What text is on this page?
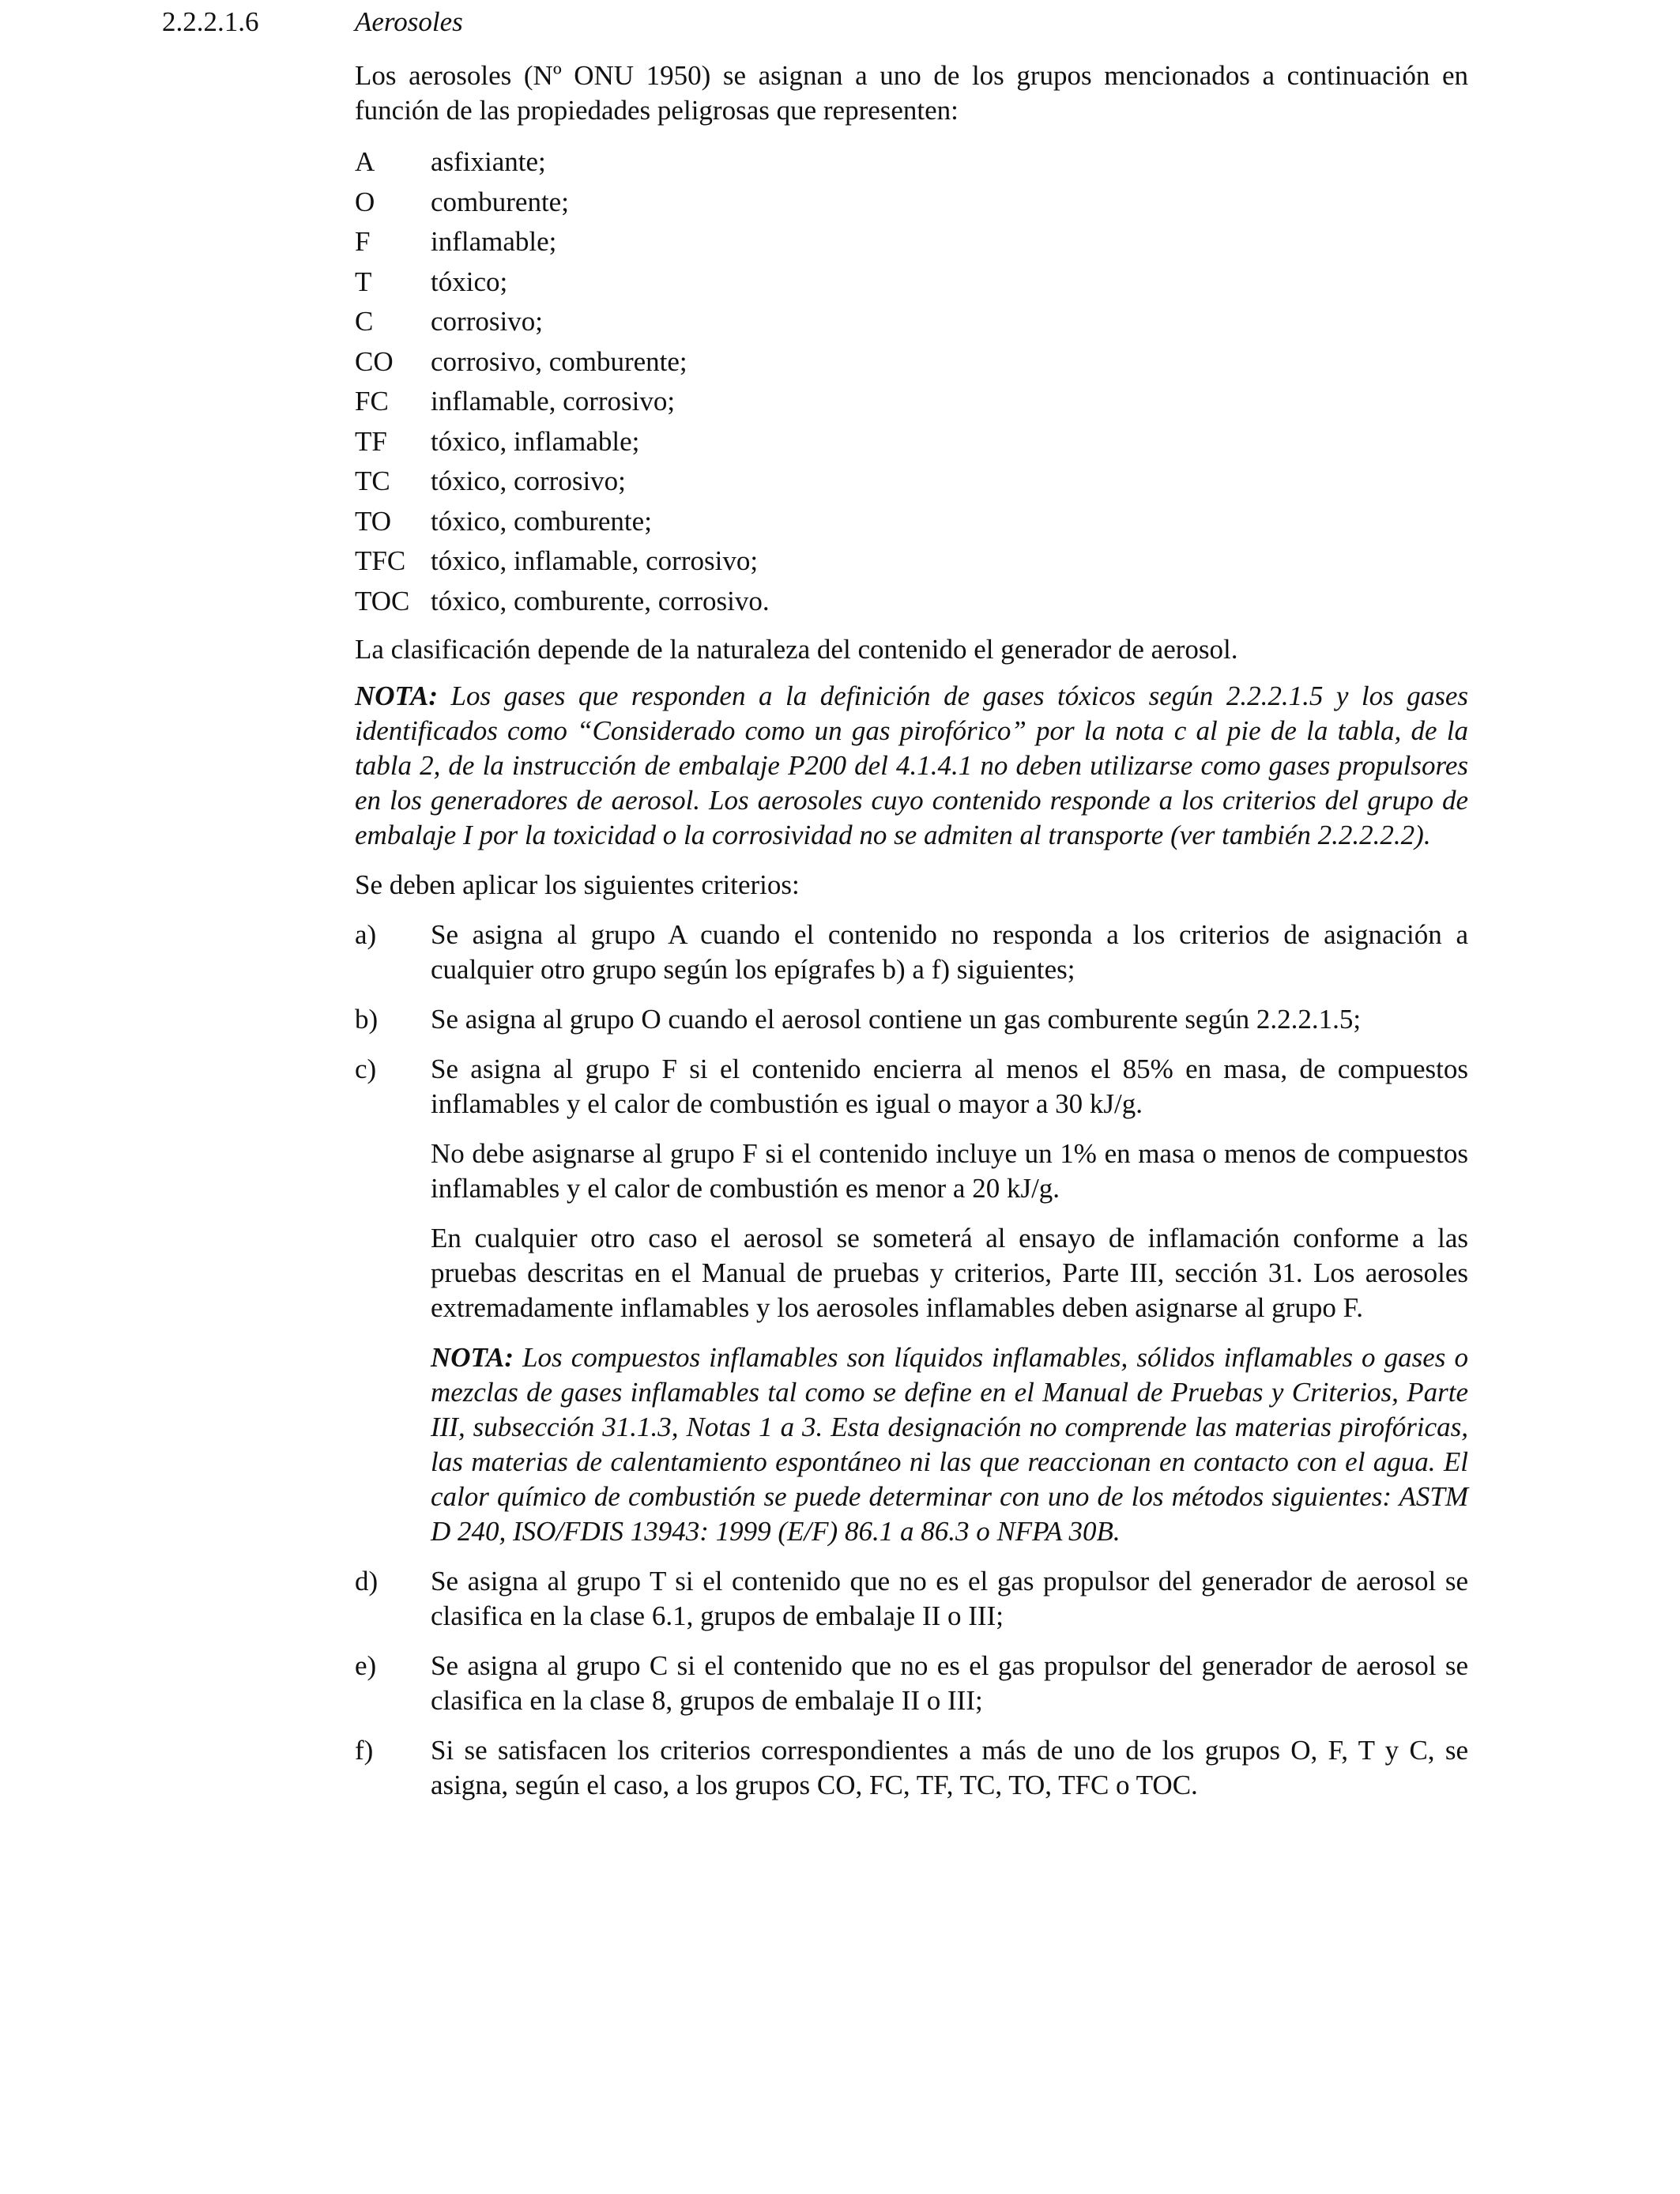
2.2.2.1.6	Aerosoles

Los aerosoles (Nº ONU 1950) se asignan a uno de los grupos mencionados a continuación en función de las propiedades peligrosas que representen:

A	asfixiante;
O	comburente;
F	inflamable;
T	tóxico;
C	corrosivo;
CO	corrosivo, comburente;
FC	inflamable, corrosivo;
TF	tóxico, inflamable;
TC	tóxico, corrosivo;
TO	tóxico, comburente;
TFC tóxico, inflamable, corrosivo;
TOC tóxico, comburente, corrosivo.

La clasificación depende de la naturaleza del contenido el generador de aerosol.

NOTA: Los gases que responden a la definición de gases tóxicos según 2.2.2.1.5 y los gases identificados como “Considerado como un gas pirofórico” por la nota c al pie de la tabla, de la tabla 2, de la instrucción de embalaje P200 del 4.1.4.1 no deben utilizarse como gases propulsores en los generadores de aerosol. Los aerosoles cuyo contenido responde a los criterios del grupo de embalaje I por la toxicidad o la corrosividad no se admiten al transporte (ver también 2.2.2.2.2).

Se deben aplicar los siguientes criterios:

a)	Se asigna al grupo A cuando el contenido no responda a los criterios de asignación a cualquier otro grupo según los epígrafes b) a f) siguientes;
b)	Se asigna al grupo O cuando el aerosol contiene un gas comburente según 2.2.2.1.5;
c)	Se asigna al grupo F si el contenido encierra al menos el 85% en masa, de compuestos inflamables y el calor de combustión es igual o mayor a 30 kJ/g.

No debe asignarse al grupo F si el contenido incluye un 1% en masa o menos de compuestos inflamables y el calor de combustión es menor a 20 kJ/g.

En cualquier otro caso el aerosol se someterá al ensayo de inflamación conforme a las pruebas descritas en el Manual de pruebas y criterios, Parte III, sección 31. Los aerosoles extremadamente inflamables y los aerosoles inflamables deben asignarse al grupo F.

NOTA: Los compuestos inflamables son líquidos inflamables, sólidos inflamables o gases o mezclas de gases inflamables tal como se define en el Manual de Pruebas y Criterios, Parte III, subsección 31.1.3, Notas 1 a 3. Esta designación no comprende las materias pirofóricas, las materias de calentamiento espontáneo ni las que reaccionan en contacto con el agua. El calor químico de combustión se puede determinar con uno de los métodos siguientes: ASTM D 240, ISO/FDIS 13943: 1999 (E/F) 86.1 a 86.3 o NFPA 30B.

d)	Se asigna al grupo T si el contenido que no es el gas propulsor del generador de aerosol se clasifica en la clase 6.1, grupos de embalaje II o III;
e)	Se asigna al grupo C si el contenido que no es el gas propulsor del generador de aerosol se clasifica en la clase 8, grupos de embalaje II o III;
f)	Si se satisfacen los criterios correspondientes a más de uno de los grupos O, F, T y C, se asigna, según el caso, a los grupos CO, FC, TF, TC, TO, TFC o TOC.
